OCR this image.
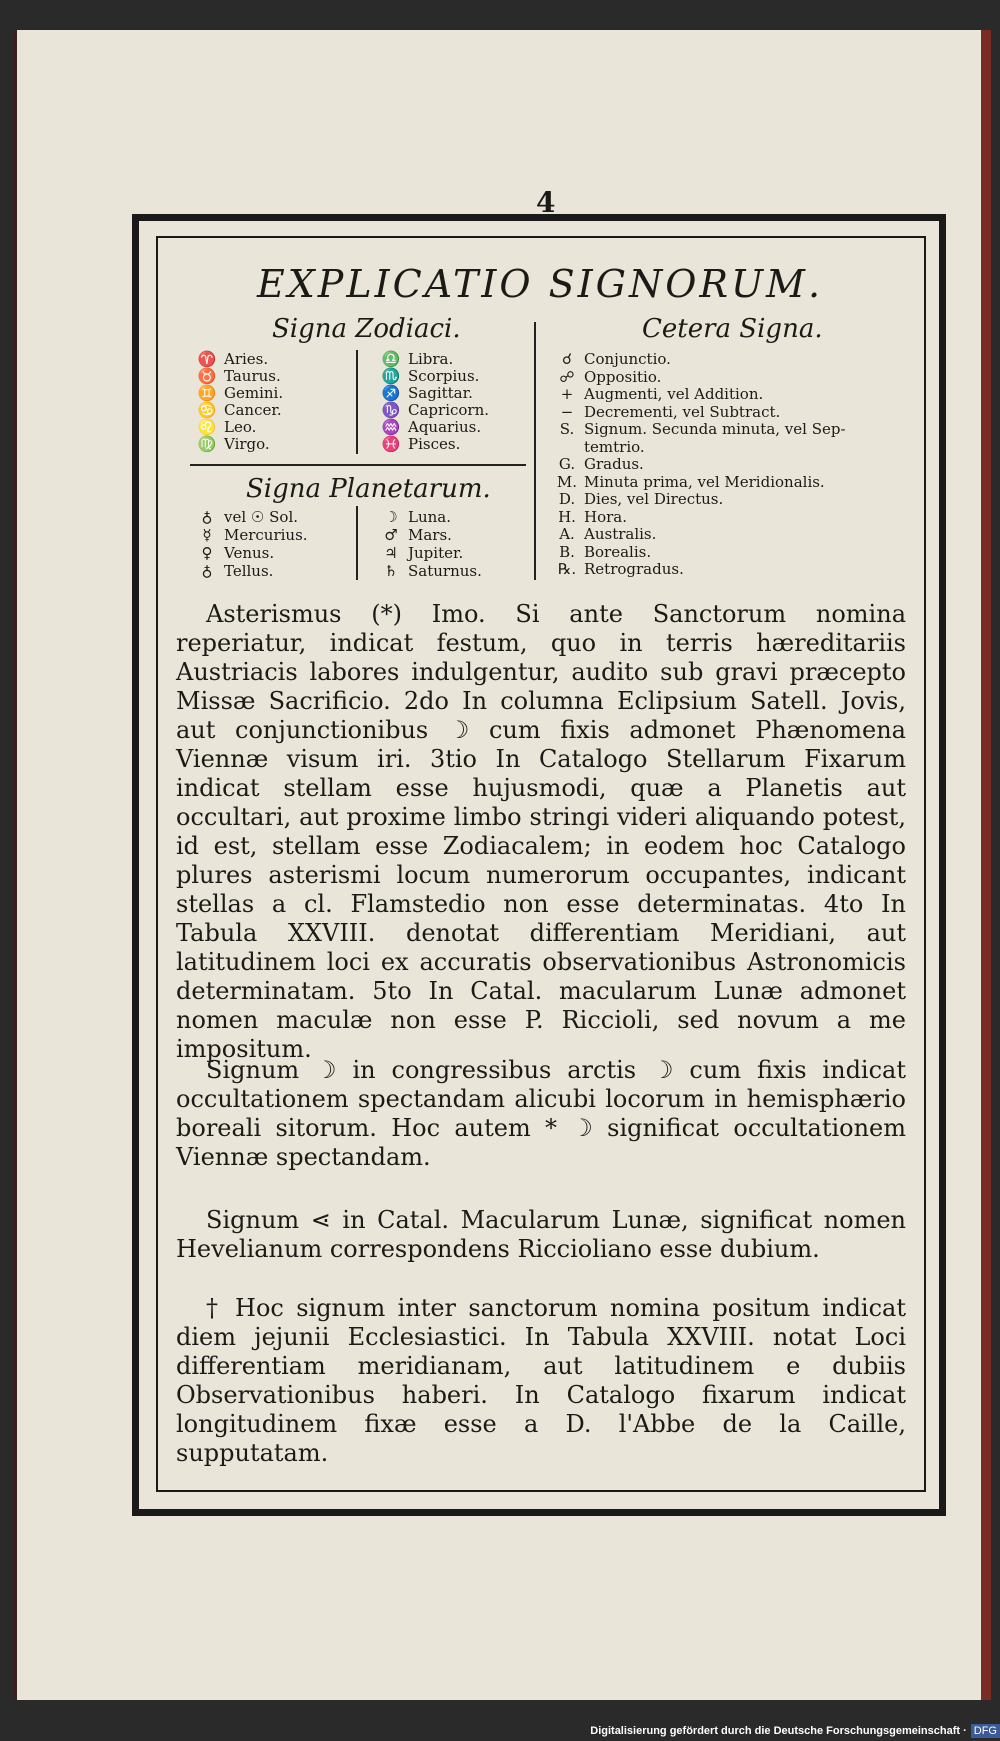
4
EXPLICATIO SIGNORUM.
Signa Zodiaci.
♈ Aries.
♉ Taurus.
♊ Gemini.
♋ Cancer.
♌ Leo.
♍ Virgo.
♎ Libra.
♏ Scorpius.
♐ Sagittar.
♑ Capricorn.
♒ Aquarius.
♓ Pisces.
Signa Planetarum.
♁ vel ☉ Sol.
☿ Mercurius.
♀ Venus.
♁ Tellus.
☽ Luna.
♂ Mars.
♃ Jupiter.
♄ Saturnus.
Cetera Signa.
☌ Conjunctio.
☍ Oppositio.
+ Augmenti, vel Addition.
− Decrementi, vel Subtract.
S. Signum. Secunda minuta, vel Sep-
temtrio.
G. Gradus.
M. Minuta prima, vel Meridionalis.
D. Dies, vel Directus.
H. Hora.
A. Australis.
B. Borealis.
℞. Retrogradus.
Asterismus (*) Imo. Si ante Sanctorum nomina reperiatur, indicat festum, quo in terris hæreditariis Austriacis labores indulgentur, audito sub gravi præcepto Missæ Sacrificio. 2do In columna Eclipsium Satell. Jovis, aut conjunctionibus ☽ cum fixis admonet Phænomena Viennæ visum iri. 3tio In Catalogo Stellarum Fixarum indicat stellam esse hujusmodi, quæ a Planetis aut occultari, aut proxime limbo stringi videri aliquando potest, id est, stellam esse Zodiacalem; in eodem hoc Catalogo plures asterismi locum numerorum occupantes, indicant stellas a cl. Flamstedio non esse determinatas. 4to In Tabula XXVIII. denotat differentiam Meridiani, aut latitudinem loci ex accuratis observationibus Astronomicis determinatam. 5to In Catal. macularum Lunæ admonet nomen maculæ non esse P. Riccioli, sed novum a me impositum.
Signum ☽ in congressibus arctis ☽ cum fixis indicat occultationem spectandam alicubi locorum in hemisphærio boreali sitorum. Hoc autem * ☽ significat occultationem Viennæ spectandam.
Signum ⋖ in Catal. Macularum Lunæ, significat nomen Hevelianum correspondens Riccioliano esse dubium.
† Hoc signum inter sanctorum nomina positum indicat diem jejunii Ecclesiastici. In Tabula XXVIII. notat Loci differentiam meridianam, aut latitudinem e dubiis Observationibus haberi. In Catalogo fixarum indicat longitudinem fixæ esse a D. l'Abbe de la Caille, supputatam.
Digitalisierung gefördert durch die Deutsche Forschungsgemeinschaft · DFG
